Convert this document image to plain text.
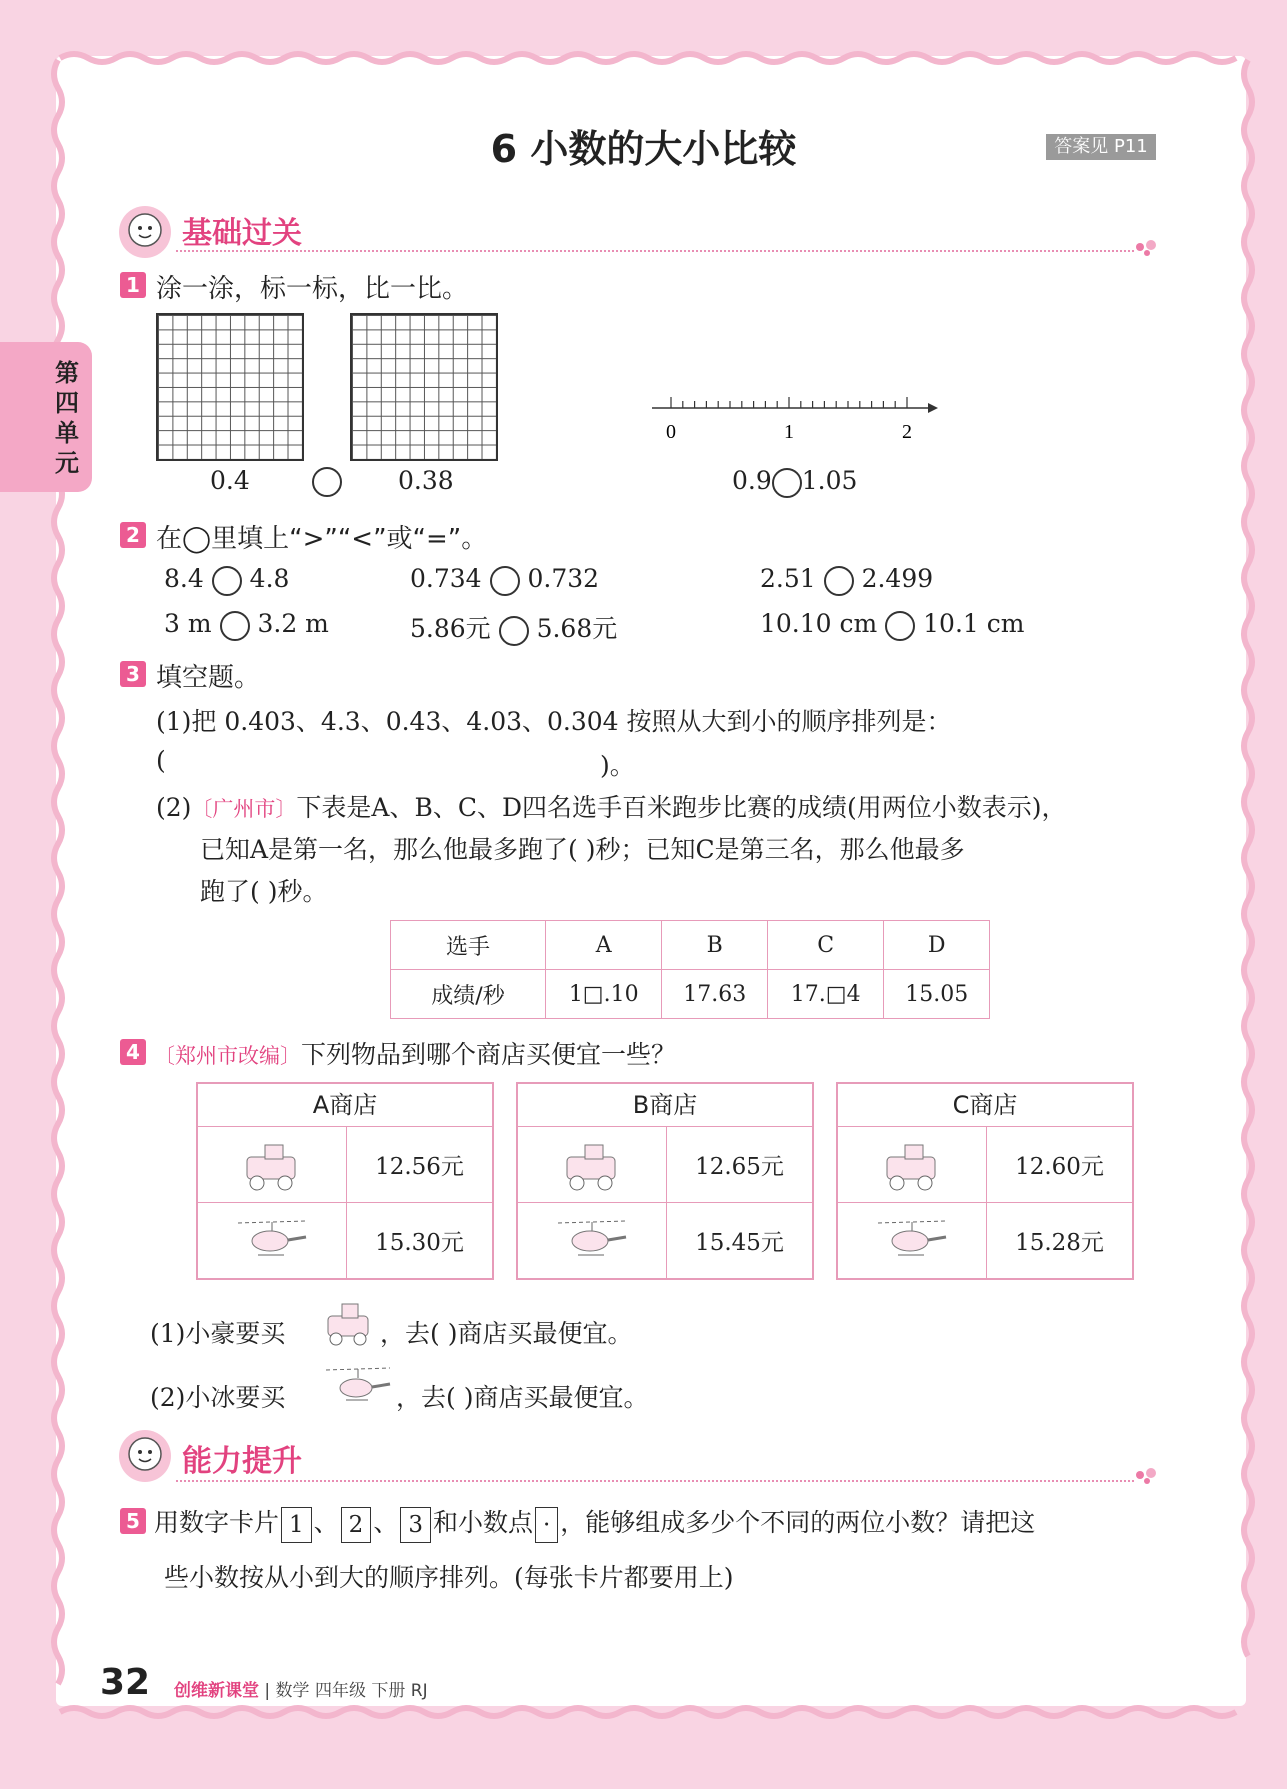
6 小数的大小比较	答案见 P11
第四单元
基础过关
1 涂一涂，标一标，比一比。
0.4	0.38
0	1	2
0.9 1.05
2 在◯里填上“>”“<”或“=”。
8.4 4.8	0.734 0.732	2.51 2.499
3 m 3.2 m	5.86元 5.68元	10.10 cm 10.1 cm
3 填空题。
(1)把 0.403、4.3、0.43、4.03、0.304 按照从大到小的顺序排列是：
(	)。
(2)〔广州市〕下表是A、B、C、D四名选手百米跑步比赛的成绩(用两位小数表示)，
已知A是第一名，那么他最多跑了( )秒；已知C是第三名，那么他最多
跑了( )秒。
选手	A	B	C	D
成绩/秒	1□.10	17.63	17.□4	15.05
4 〔郑州市改编〕下列物品到哪个商店买便宜一些？
A商店
12.56元
15.30元
B商店
12.65元
15.45元
C商店
12.60元
15.28元
(1)小豪要买	，去( )商店买最便宜。
(2)小冰要买	，去( )商店买最便宜。
能力提升
5 用数字卡片 1 、 2 、 3 和小数点 · ，能够组成多少个不同的两位小数？请把这
些小数按从小到大的顺序排列。(每张卡片都要用上)
32 创维新课堂 | 数学 四年级 下册 RJ
